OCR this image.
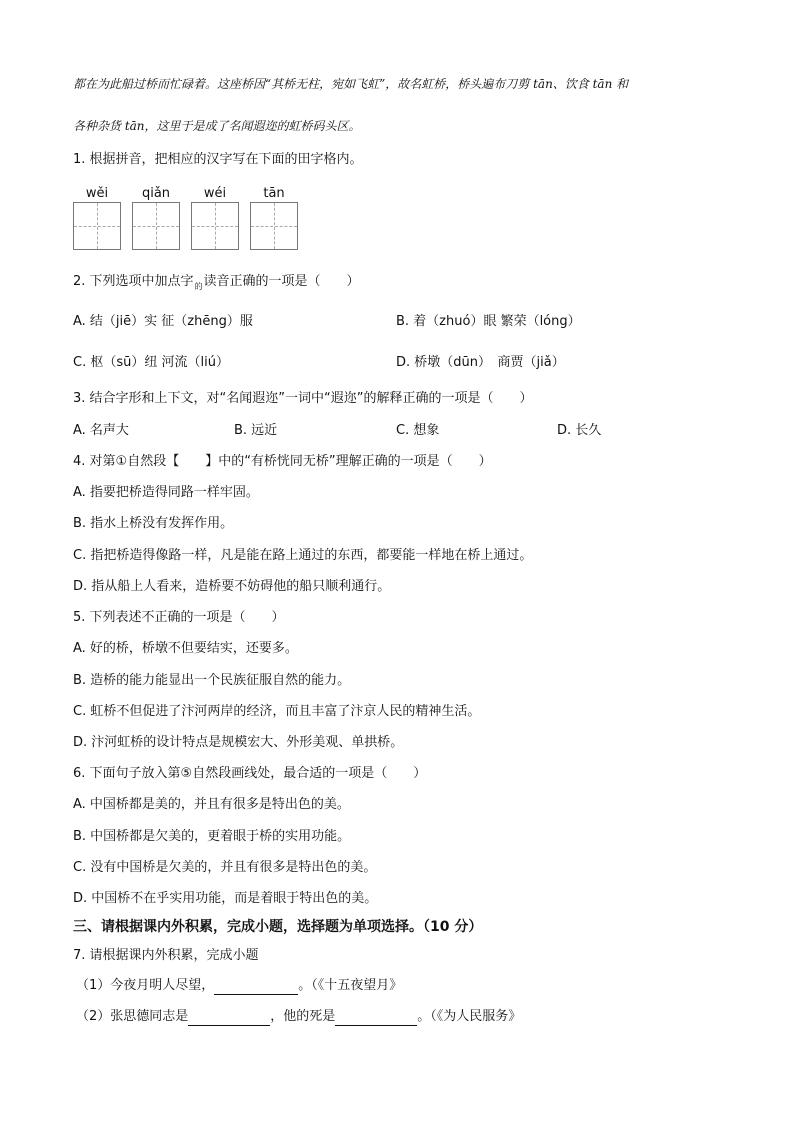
都在为此船过桥而忙碌着。这座桥因“其桥无柱，宛如飞虹”，故名虹桥，桥头遍布刀剪 tān、饮食 tān 和
各种杂货 tān，这里于是成了名闻遐迩的虹桥码头区。
1. 根据拼音，把相应的汉字写在下面的田字格内。
wěi	qiǎn	wéi	tān
2. 下列选项中加点字 的 读音正确的一项是（　　）
A. 结（jiē）实 征（zhēng）服	B. 着（zhuó）眼 繁荣（lóng）
C. 枢（sū）纽 河流（liú）	D. 桥墩（dūn）　商贾（jiǎ）
3. 结合字形和上下文，对“名闻遐迩”一词中“遐迩”的解释正确的一项是（　　）
A. 名声大	B. 远近	C. 想象	D. 长久
4. 对第①自然段【　　】中的“有桥恍同无桥”理解正确的一项是（　　）
A. 指要把桥造得同路一样牢固。
B. 指水上桥没有发挥作用。
C. 指把桥造得像路一样，凡是能在路上通过的东西，都要能一样地在桥上通过。
D. 指从船上人看来，造桥要不妨碍他的船只顺利通行。
5. 下列表述不正确的一项是（　　）
A. 好的桥，桥墩不但要结实，还要多。
B. 造桥的能力能显出一个民族征服自然的能力。
C. 虹桥不但促进了汴河两岸的经济，而且丰富了汴京人民的精神生活。
D. 汴河虹桥的设计特点是规模宏大、外形美观、单拱桥。
6. 下面句子放入第⑤自然段画线处，最合适的一项是（　　）
A. 中国桥都是美的，并且有很多是特出色的美。
B. 中国桥都是欠美的，更着眼于桥的实用功能。
C. 没有中国桥是欠美的，并且有很多是特出色的美。
D. 中国桥不在乎实用功能，而是着眼于特出色的美。
三、请根据课内外积累，完成小题，选择题为单项选择。（10 分）
7. 请根据课内外积累，完成小题
（1）今夜月明人尽望，	。（《十五夜望月》
（2）张思德同志是	，他的死是	。（《为人民服务》
